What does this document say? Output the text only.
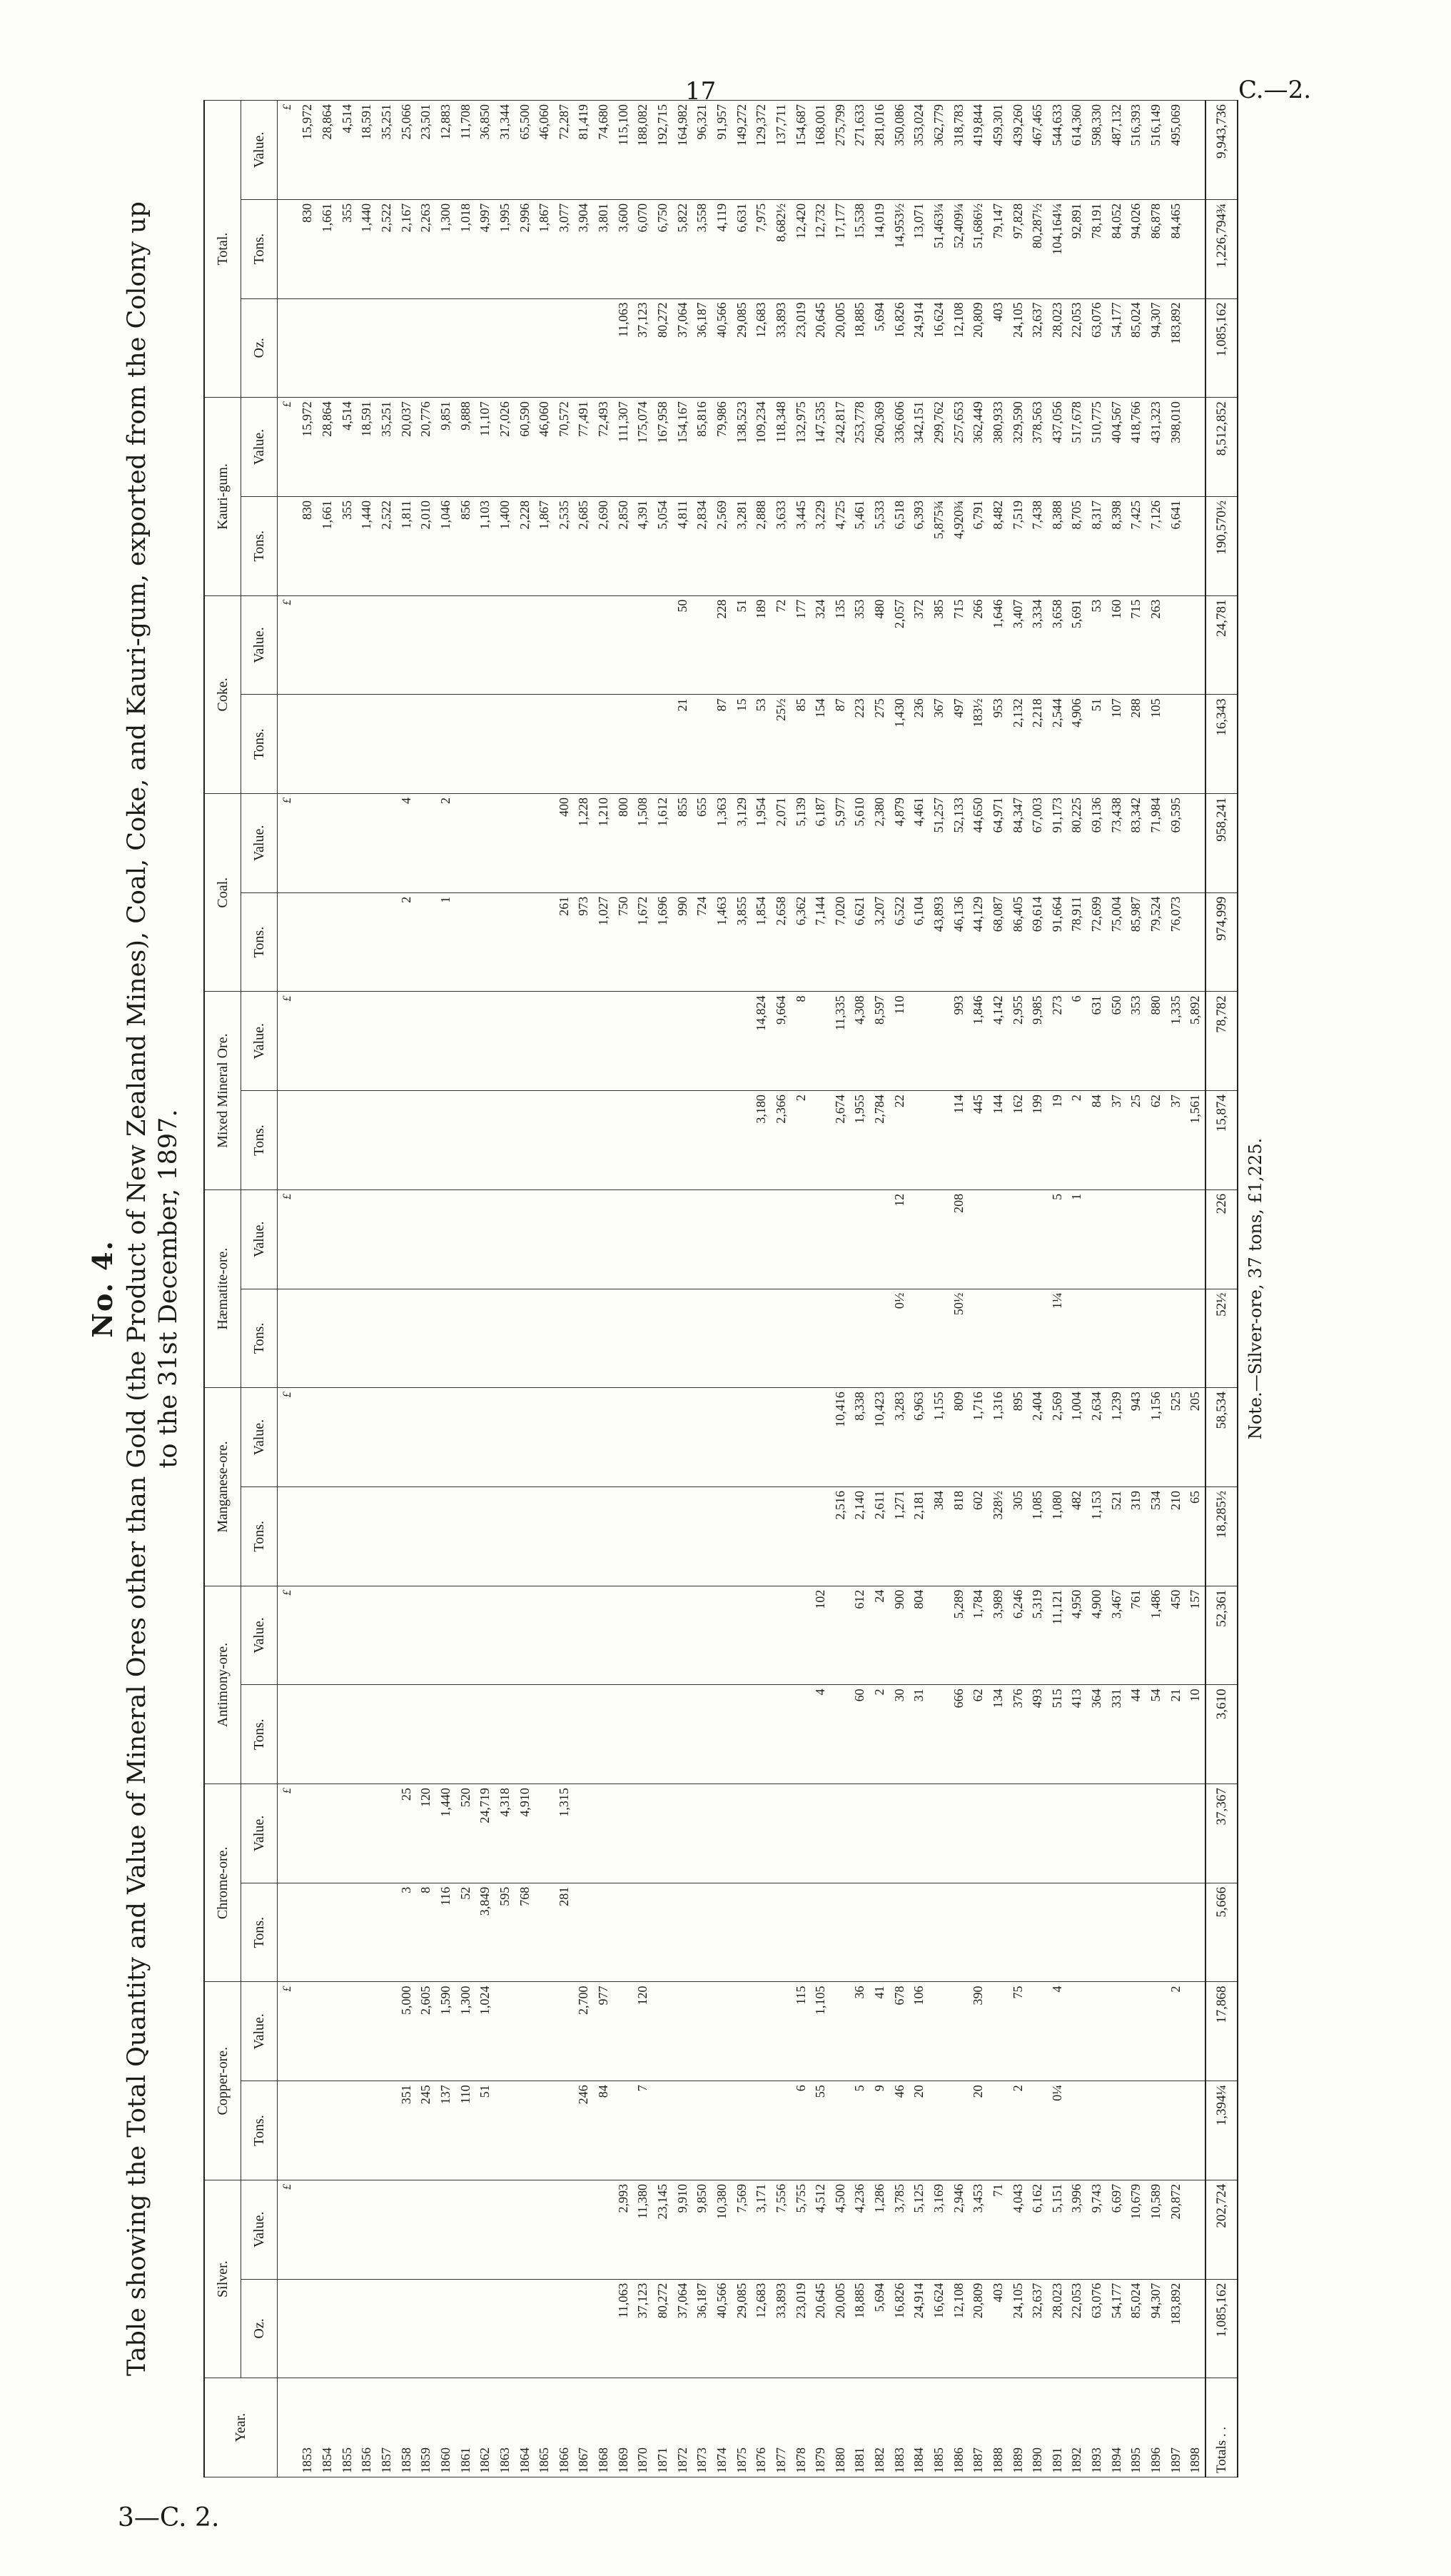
17	C.—2.
No. 4. Table showing the Total Quantity and Value of Mineral Ores other than Gold (the Product of New Zealand Mines), Coal, Coke, and Kauri-gum, exported from the Colony up to the 31st December, 1897.
Year.	Silver.		Copper-ore.		Chrome-ore.		Antimony-ore.		Manganese-ore.		Hæmatite-ore.		Mixed Mineral Ore.		Coal.		Coke.		Kauri-gum.		Total.		
	Oz.	Value.	Tons.	Value.	Tons.	Value.	Tons.	Value.	Tons.	Value.	Tons.	Value.	Tons.	Value.	Tons.	Value.	Tons.	Value.	Tons.	Value.	Oz.	Tons.	Value.
		£		£		£		£		£		£		£		£		£		£			£
1853																			830	15,972		830	15,972
1854																			1,661	28,864		1,661	28,864
1855																			355	4,514		355	4,514
1856																			1,440	18,591		1,440	18,591
1857																			2,522	35,251		2,522	35,251
1858			351	5,000	3	25									2	4			1,811	20,037		2,167	25,066
1859			245	2,605	8	120													2,010	20,776		2,263	23,501
1860			137	1,590	116	1,440									1	2			1,046	9,851		1,300	12,883
1861			110	1,300	52	520													856	9,888		1,018	11,708
1862			51	1,024	3,849	24,719													1,103	11,107		4,997	36,850
1863					595	4,318													1,400	27,026		1,995	31,344
1864					768	4,910													2,228	60,590		2,996	65,500
1865																			1,867	46,060		1,867	46,060
1866					281	1,315									261	400			2,535	70,572		3,077	72,287
1867			246	2,700											973	1,228			2,685	77,491		3,904	81,419
1868			84	977											1,027	1,210			2,690	72,493		3,801	74,680
1869	11,063	2,993													750	800			2,850	111,307	11,063	3,600	115,100
1870	37,123	11,380	7	120											1,672	1,508			4,391	175,074	37,123	6,070	188,082
1871	80,272	23,145													1,696	1,612			5,054	167,958	80,272	6,750	192,715
1872	37,064	9,910													990	855	21	50	4,811	154,167	37,064	5,822	164,982
1873	36,187	9,850													724	655			2,834	85,816	36,187	3,558	96,321
1874	40,566	10,380													1,463	1,363	87	228	2,569	79,986	40,566	4,119	91,957
1875	29,085	7,569													3,855	3,129	15	51	3,281	138,523	29,085	6,631	149,272
1876	12,683	3,171											3,180	14,824	1,854	1,954	53	189	2,888	109,234	12,683	7,975	129,372
1877	33,893	7,556											2,366	9,664	2,658	2,071	25½	72	3,633	118,348	33,893	8,682½	137,711
1878	23,019	5,755	6	115									2	8	6,362	5,139	85	177	3,445	132,975	23,019	12,420	154,687
1879	20,645	4,512	55	1,105			4	102							7,144	6,187	154	324	3,229	147,535	20,645	12,732	168,001
1880	20,005	4,500							2,516	10,416			2,674	11,335	7,020	5,977	87	135	4,725	242,817	20,005	17,177	275,799
1881	18,885	4,236	5	36			60	612	2,140	8,338			1,955	4,308	6,621	5,610	223	353	5,461	253,778	18,885	15,538	271,633
1882	5,694	1,286	9	41			2	24	2,611	10,423			2,784	8,597	3,207	2,380	275	480	5,533	260,369	5,694	14,019	281,016
1883	16,826	3,785	46	678			30	900	1,271	3,283	0½	12	22	110	6,522	4,879	1,430	2,057	6,518	336,606	16,826	14,953½	350,086
1884	24,914	5,125	20	106			31	804	2,181	6,963					6,104	4,461	236	372	6,393	342,151	24,914	13,071	353,024
1885	16,624	3,169							384	1,155					43,893	51,257	367	385	5,875¾	299,762	16,624	51,463¼	362,779
1886	12,108	2,946					666	5,289	818	809	50½	208	114	993	46,136	52,133	497	715	4,920¾	257,653	12,108	52,409¼	318,783
1887	20,809	3,453	20	390			62	1,784	602	1,716			445	1,846	44,129	44,650	183½	266	6,791	362,449	20,809	51,686½	419,844
1888	403	71					134	3,989	328½	1,316			144	4,142	68,087	64,971	953	1,646	8,482	380,933	403	79,147	459,301
1889	24,105	4,043	2	75			376	6,246	305	895			162	2,955	86,405	84,347	2,132	3,407	7,519	329,590	24,105	97,828	439,260
1890	32,637	6,162					493	5,319	1,085	2,404			199	9,985	69,614	67,003	2,218	3,334	7,438	378,563	32,637	80,287½	467,465
1891	28,023	5,151	0¼	4			515	11,121	1,080	2,569	1¼	5	19	273	91,664	91,173	2,544	3,658	8,388	437,056	28,023	104,164¼	544,633
1892	22,053	3,996					413	4,950	482	1,004		1	2	6	78,911	80,225	4,906	5,691	8,705	517,678	22,053	92,891	614,360
1893	63,076	9,743					364	4,900	1,153	2,634			84	631	72,699	69,136	51	53	8,317	510,775	63,076	78,191	598,330
1894	54,177	6,697					331	3,467	521	1,239			37	650	75,004	73,438	107	160	8,398	404,567	54,177	84,052	487,132
1895	85,024	10,679					44	761	319	943			25	353	85,987	83,342	288	715	7,425	418,766	85,024	94,026	516,393
1896	94,307	10,589					54	1,486	534	1,156			62	880	79,524	71,984	105	263	7,126	431,323	94,307	86,878	516,149
1897	183,892	20,872		2			21	450	210	525			37	1,335	76,073	69,595			6,641	398,010	183,892	84,465	495,069
1898							10	157	65	205			1,561	5,892									
Totals . .	1,085,162	202,724	1,394¼	17,868	5,666	37,367	3,610	52,361	18,285½	58,534	52½	226	15,874	78,782	974,999	958,241	16,343	24,781	190,570½	8,512,852	1,085,162	1,226,794¾	9,943,736
Note.—Silver-ore, 37 tons, £1,225.
3—C. 2.
